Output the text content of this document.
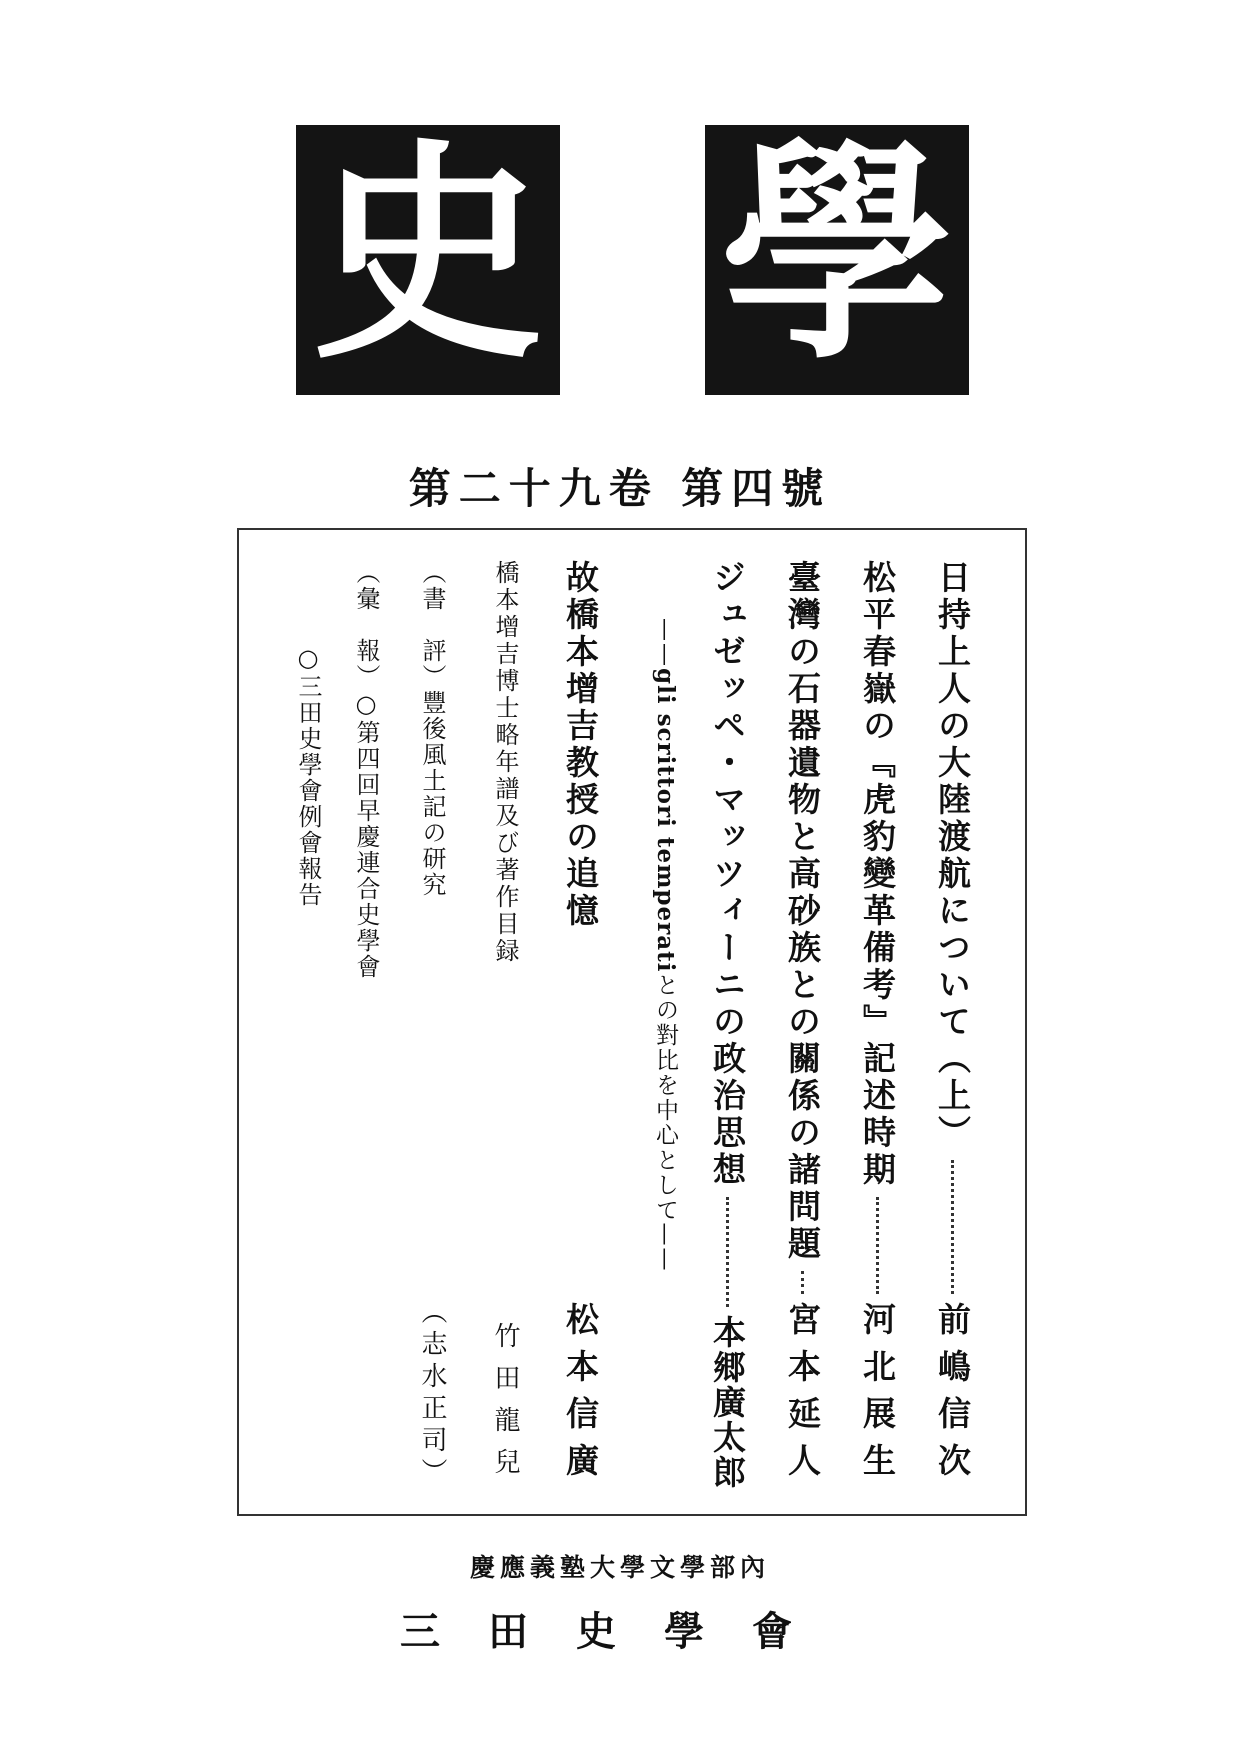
史 學
第二十九卷 第四號
日持上人の大陸渡航について（上）
前嶋信次
松平春嶽の『虎豹變革備考』記述時期
河北展生
臺灣の石器遺物と高砂族との關係の諸問題
宮本延人
ジュゼッペ・マッツィーニの政治思想
本郷廣太郎
——gli scrittori temperatiとの對比を中心として——
故橋本增吉教授の追憶
松本信廣
橋本增吉博士略年譜及び著作目録
竹田龍兒
（書　評）豐後風土記の研究
（志水正司）
（彙　報）○第四回早慶連合史學會
○三田史學會例會報告
慶應義塾大學文學部內
三田史學會
